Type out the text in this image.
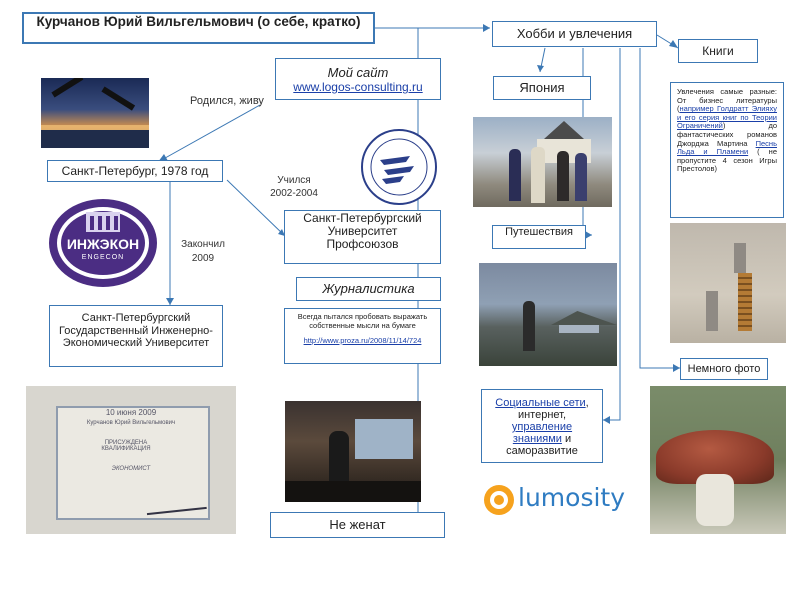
Курчанов Юрий Вильгельмович (о себе, кратко)
Родился, живу
Мой сайт
www.logos-consulting.ru
Санкт-Петербург, 1978 год
Учился
2002-2004
ИНЖЭКОН
ENGECON
Закончил
2009
Санкт-Петербургский Университет Профсоюзов
Журналистика
Всегда пытался пробовать выражать собственные мысли на бумаге
http://www.proza.ru/2008/11/14/724
Санкт-Петербургский Государственный Инженерно-Экономический Университет
10 июня 2009
Курчанов Юрий Вильгельмович
ПРИСУЖДЕНА КВАЛИФИКАЦИЯ
ЭКОНОМИСТ
Не женат
Хобби и увлечения
Книги
Япония	Увлечения самые разные: От бизнес литературы (например Голдратт Элияху и его серия книг по Теории Ограничений) до фантастических романов Джорджа Мартина Песнь Льда и Пламени ( не пропустите 4 сезон Игры Престолов)
Путешествия
Немного фото
Социальные сети, интернет, управление знаниями и саморазвитие
lumosity
